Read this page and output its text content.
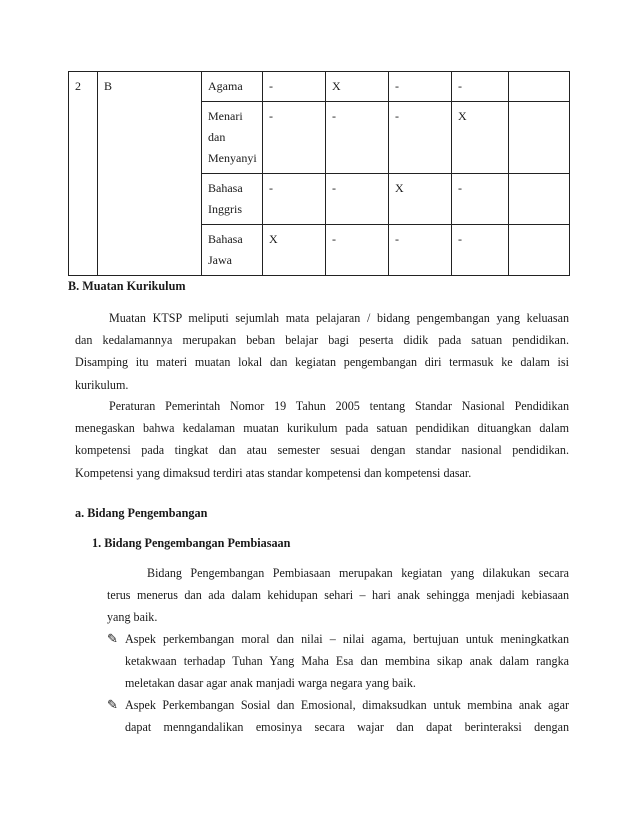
2	B	Agama	-	X	-	-	
		Menari
dan
Menyanyi	-	-	-	X	
		Bahasa
Inggris	-	-	X	-	
		Bahasa
Jawa	X	-	-	-	
B. Muatan Kurikulum
Muatan KTSP meliputi sejumlah mata pelajaran / bidang pengembangan yang keluasan
dan kedalamannya merupakan beban belajar bagi peserta didik pada satuan pendidikan.
Disamping itu materi muatan lokal dan kegiatan pengembangan diri termasuk ke dalam isi
kurikulum.
Peraturan Pemerintah Nomor 19 Tahun 2005 tentang Standar Nasional Pendidikan
menegaskan bahwa kedalaman muatan kurikulum pada satuan pendidikan dituangkan dalam
kompetensi pada tingkat dan atau semester sesuai dengan standar nasional pendidikan.
Kompetensi yang dimaksud terdiri atas standar kompetensi dan kompetensi dasar.
a. Bidang Pengembangan
1. Bidang Pengembangan Pembiasaan
Bidang Pengembangan Pembiasaan merupakan kegiatan yang dilakukan secara
terus menerus dan ada dalam kehidupan sehari – hari anak sehingga menjadi kebiasaan
yang baik.
✎ Aspek perkembangan moral dan nilai – nilai agama, bertujuan untuk meningkatkan
ketakwaan terhadap Tuhan Yang Maha Esa dan membina sikap anak dalam rangka
meletakan dasar agar anak manjadi warga negara yang baik.
✎ Aspek Perkembangan Sosial dan Emosional, dimaksudkan untuk membina anak agar
dapat menngandalikan emosinya secara wajar dan dapat berinteraksi dengan
